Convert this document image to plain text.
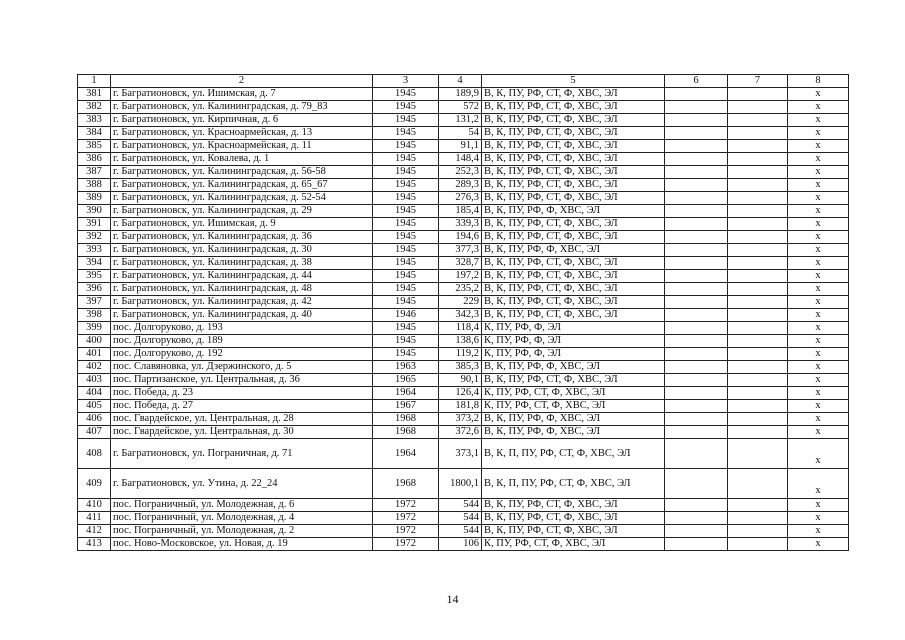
1	2	3	4	5	6	7	8
381	г. Багратионовск, ул. Ишимская, д. 7	1945	189,9	В, К, ПУ, РФ, СТ, Ф, ХВС, ЭЛ			х
382	г. Багратионовск, ул. Калининградская, д. 79_83	1945	572	В, К, ПУ, РФ, СТ, Ф, ХВС, ЭЛ			х
383	г. Багратионовск, ул. Кирпичная, д. 6	1945	131,2	В, К, ПУ, РФ, СТ, Ф, ХВС, ЭЛ			х
384	г. Багратионовск, ул. Красноармейская, д. 13	1945	54	В, К, ПУ, РФ, СТ, Ф, ХВС, ЭЛ			х
385	г. Багратионовск, ул. Красноармейская, д. 11	1945	91,1	В, К, ПУ, РФ, СТ, Ф, ХВС, ЭЛ			х
386	г. Багратионовск, ул. Ковалева, д. 1	1945	148,4	В, К, ПУ, РФ, СТ, Ф, ХВС, ЭЛ			х
387	г. Багратионовск, ул. Калининградская, д. 56-58	1945	252,3	В, К, ПУ, РФ, СТ, Ф, ХВС, ЭЛ			х
388	г. Багратионовск, ул. Калининградская, д. 65_67	1945	289,3	В, К, ПУ, РФ, СТ, Ф, ХВС, ЭЛ			х
389	г. Багратионовск, ул. Калининградская, д. 52-54	1945	276,3	В, К, ПУ, РФ, СТ, Ф, ХВС, ЭЛ			х
390	г. Багратионовск, ул. Калининградская, д. 29	1945	185,4	В, К, ПУ, РФ, Ф, ХВС, ЭЛ			х
391	г. Багратионовск, ул. Ишимская, д. 9	1945	339,3	В, К, ПУ, РФ, СТ, Ф, ХВС, ЭЛ			х
392	г. Багратионовск, ул. Калининградская, д. 36	1945	194,6	В, К, ПУ, РФ, СТ, Ф, ХВС, ЭЛ			х
393	г. Багратионовск, ул. Калининградская, д. 30	1945	377,3	В, К, ПУ, РФ, Ф, ХВС, ЭЛ			х
394	г. Багратионовск, ул. Калининградская, д. 38	1945	328,7	В, К, ПУ, РФ, СТ, Ф, ХВС, ЭЛ			х
395	г. Багратионовск, ул. Калининградская, д. 44	1945	197,2	В, К, ПУ, РФ, СТ, Ф, ХВС, ЭЛ			х
396	г. Багратионовск, ул. Калининградская, д. 48	1945	235,2	В, К, ПУ, РФ, СТ, Ф, ХВС, ЭЛ			х
397	г. Багратионовск, ул. Калининградская, д. 42	1945	229	В, К, ПУ, РФ, СТ, Ф, ХВС, ЭЛ			х
398	г. Багратионовск, ул. Калининградская, д. 40	1946	342,3	В, К, ПУ, РФ, СТ, Ф, ХВС, ЭЛ			х
399	пос. Долгоруково, д. 193	1945	118,4	К, ПУ, РФ, Ф, ЭЛ			х
400	пос. Долгоруково, д. 189	1945	138,6	К, ПУ, РФ, Ф, ЭЛ			х
401	пос. Долгоруково, д. 192	1945	119,2	К, ПУ, РФ, Ф, ЭЛ			х
402	пос. Славяновка, ул. Дзержинского, д. 5	1963	385,3	В, К, ПУ, РФ, Ф, ХВС, ЭЛ			х
403	пос. Партизанское, ул. Центральная, д. 36	1965	90,1	В, К, ПУ, РФ, СТ, Ф, ХВС, ЭЛ			х
404	пос. Победа, д. 23	1964	126,4	К, ПУ, РФ, СТ, Ф, ХВС, ЭЛ			х
405	пос. Победа, д. 27	1967	181,8	К, ПУ, РФ, СТ, Ф, ХВС, ЭЛ			х
406	пос. Гвардейское, ул. Центральная, д. 28	1968	373,2	В, К, ПУ, РФ, Ф, ХВС, ЭЛ			х
407	пос. Гвардейское, ул. Центральная, д. 30	1968	372,6	В, К, ПУ, РФ, Ф, ХВС, ЭЛ			х
408	г. Багратионовск, ул. Пограничная, д. 71	1964	373,1	В, К, П, ПУ, РФ, СТ, Ф, ХВС, ЭЛ			х
409	г. Багратионовск, ул. Утина, д. 22_24	1968	1800,1	В, К, П, ПУ, РФ, СТ, Ф, ХВС, ЭЛ			х
410	пос. Пограничный, ул. Молодежная, д. 6	1972	544	В, К, ПУ, РФ, СТ, Ф, ХВС, ЭЛ			х
411	пос. Пограничный, ул. Молодежная, д. 4	1972	544	В, К, ПУ, РФ, СТ, Ф, ХВС, ЭЛ			х
412	пос. Пограничный, ул. Молодежная, д. 2	1972	544	В, К, ПУ, РФ, СТ, Ф, ХВС, ЭЛ			х
413	пос. Ново-Московское, ул. Новая, д. 19	1972	106	К, ПУ, РФ, СТ, Ф, ХВС, ЭЛ			х
14
